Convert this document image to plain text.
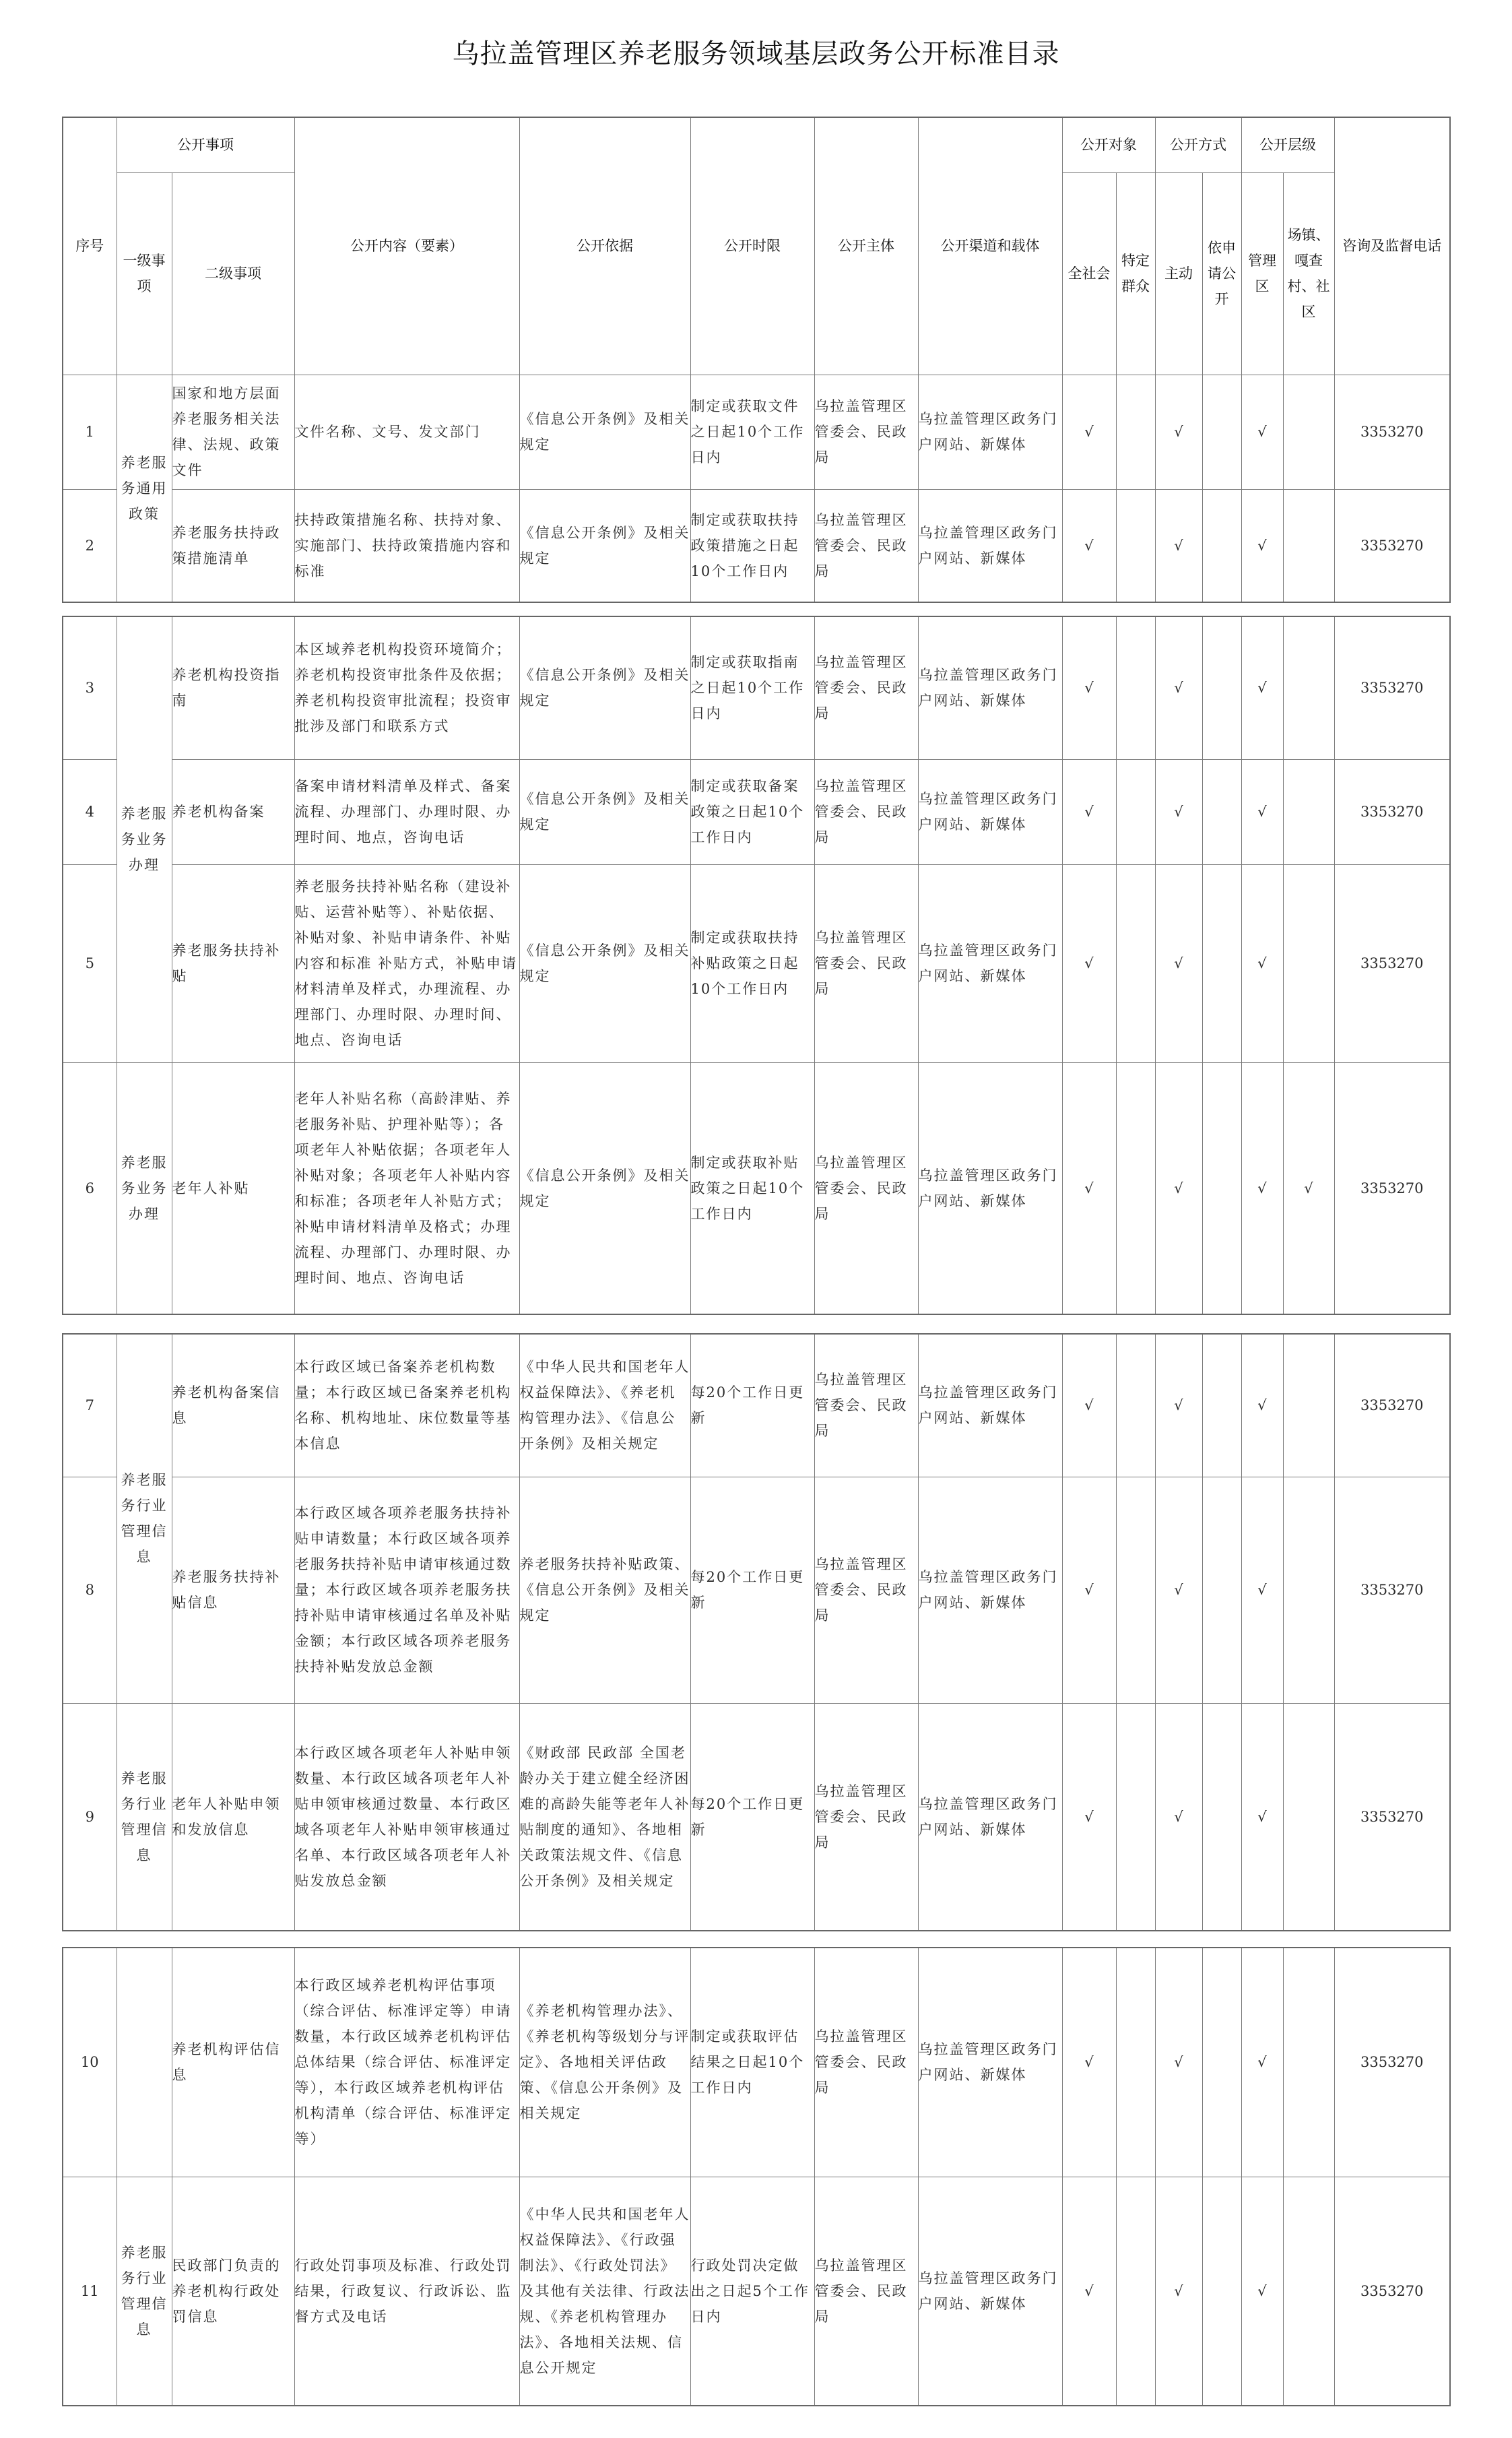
乌拉盖管理区养老服务领域基层政务公开标准目录
序号	公开事项		公开内容（要素）	公开依据	公开时限	公开主体	公开渠道和载体	公开对象		公开方式		公开层级		咨询及监督电话
	一级事项	二级事项						全社会	特定群众	主动	依申请公开	管理区	场镇、嘎查村、社区	
1	养老服务通用政策	国家和地方层面养老服务相关法律、法规、政策文件	文件名称、文号、发文部门	《信息公开条例》及相关规定	制定或获取文件之日起10个工作日内	乌拉盖管理区管委会、民政局	乌拉盖管理区政务门户网站、新媒体	√		√		√		3353270
2		养老服务扶持政策措施清单	扶持政策措施名称、扶持对象、实施部门、扶持政策措施内容和标准	《信息公开条例》及相关规定	制定或获取扶持政策措施之日起10个工作日内	乌拉盖管理区管委会、民政局	乌拉盖管理区政务门户网站、新媒体	√		√		√		3353270
3	养老服务业务办理	养老机构投资指南	本区域养老机构投资环境简介；养老机构投资审批条件及依据；养老机构投资审批流程；投资审批涉及部门和联系方式	《信息公开条例》及相关规定	制定或获取指南之日起10个工作日内	乌拉盖管理区管委会、民政局	乌拉盖管理区政务门户网站、新媒体	√		√		√		3353270
4		养老机构备案	备案申请材料清单及样式、备案流程、办理部门、办理时限、办理时间、地点，咨询电话	《信息公开条例》及相关规定	制定或获取备案政策之日起10个工作日内	乌拉盖管理区管委会、民政局	乌拉盖管理区政务门户网站、新媒体	√		√		√		3353270
5		养老服务扶持补贴	养老服务扶持补贴名称（建设补贴、运营补贴等）、补贴依据、补贴对象、补贴申请条件、补贴内容和标准 补贴方式，补贴申请材料清单及样式，办理流程、办理部门、办理时限、办理时间、地点、咨询电话	《信息公开条例》及相关规定	制定或获取扶持补贴政策之日起10个工作日内	乌拉盖管理区管委会、民政局	乌拉盖管理区政务门户网站、新媒体	√		√		√		3353270
6	养老服务业务办理	老年人补贴	老年人补贴名称（高龄津贴、养老服务补贴、护理补贴等）；各项老年人补贴依据；各项老年人补贴对象；各项老年人补贴内容和标准；各项老年人补贴方式；补贴申请材料清单及格式；办理流程、办理部门、办理时限、办理时间、地点、咨询电话	《信息公开条例》及相关规定	制定或获取补贴政策之日起10个工作日内	乌拉盖管理区管委会、民政局	乌拉盖管理区政务门户网站、新媒体	√		√		√	√	3353270
7	养老服务行业管理信息	养老机构备案信息	本行政区域已备案养老机构数量；本行政区域已备案养老机构名称、机构地址、床位数量等基本信息	《中华人民共和国老年人权益保障法》、《养老机构管理办法》、《信息公开条例》及相关规定	每20个工作日更新	乌拉盖管理区管委会、民政局	乌拉盖管理区政务门户网站、新媒体	√		√		√		3353270
8		养老服务扶持补贴信息	本行政区域各项养老服务扶持补贴申请数量；本行政区域各项养老服务扶持补贴申请审核通过数量；本行政区域各项养老服务扶持补贴申请审核通过名单及补贴金额；本行政区域各项养老服务扶持补贴发放总金额	养老服务扶持补贴政策、《信息公开条例》及相关规定	每20个工作日更新	乌拉盖管理区管委会、民政局	乌拉盖管理区政务门户网站、新媒体	√		√		√		3353270
9	养老服务行业管理信息	老年人补贴申领和发放信息	本行政区域各项老年人补贴申领数量、本行政区域各项老年人补贴申领审核通过数量、本行政区域各项老年人补贴申领审核通过名单、本行政区域各项老年人补贴发放总金额	《财政部 民政部 全国老龄办关于建立健全经济困难的高龄失能等老年人补贴制度的通知》、各地相关政策法规文件、《信息公开条例》及相关规定	每20个工作日更新	乌拉盖管理区管委会、民政局	乌拉盖管理区政务门户网站、新媒体	√		√		√		3353270
10		养老机构评估信息	本行政区域养老机构评估事项（综合评估、标准评定等）申请数量，本行政区域养老机构评估总体结果（综合评估、标准评定等），本行政区域养老机构评估机构清单（综合评估、标准评定等）	《养老机构管理办法》、《养老机构等级划分与评定》、各地相关评估政策、《信息公开条例》及相关规定	制定或获取评估结果之日起10个工作日内	乌拉盖管理区管委会、民政局	乌拉盖管理区政务门户网站、新媒体	√		√		√		3353270
11	养老服务行业管理信息	民政部门负责的养老机构行政处罚信息	行政处罚事项及标准、行政处罚结果，行政复议、行政诉讼、监督方式及电话	《中华人民共和国老年人权益保障法》、《行政强制法》、《行政处罚法》及其他有关法律、行政法规、《养老机构管理办法》、各地相关法规、信息公开规定	行政处罚决定做出之日起5个工作日内	乌拉盖管理区管委会、民政局	乌拉盖管理区政务门户网站、新媒体	√		√		√		3353270
